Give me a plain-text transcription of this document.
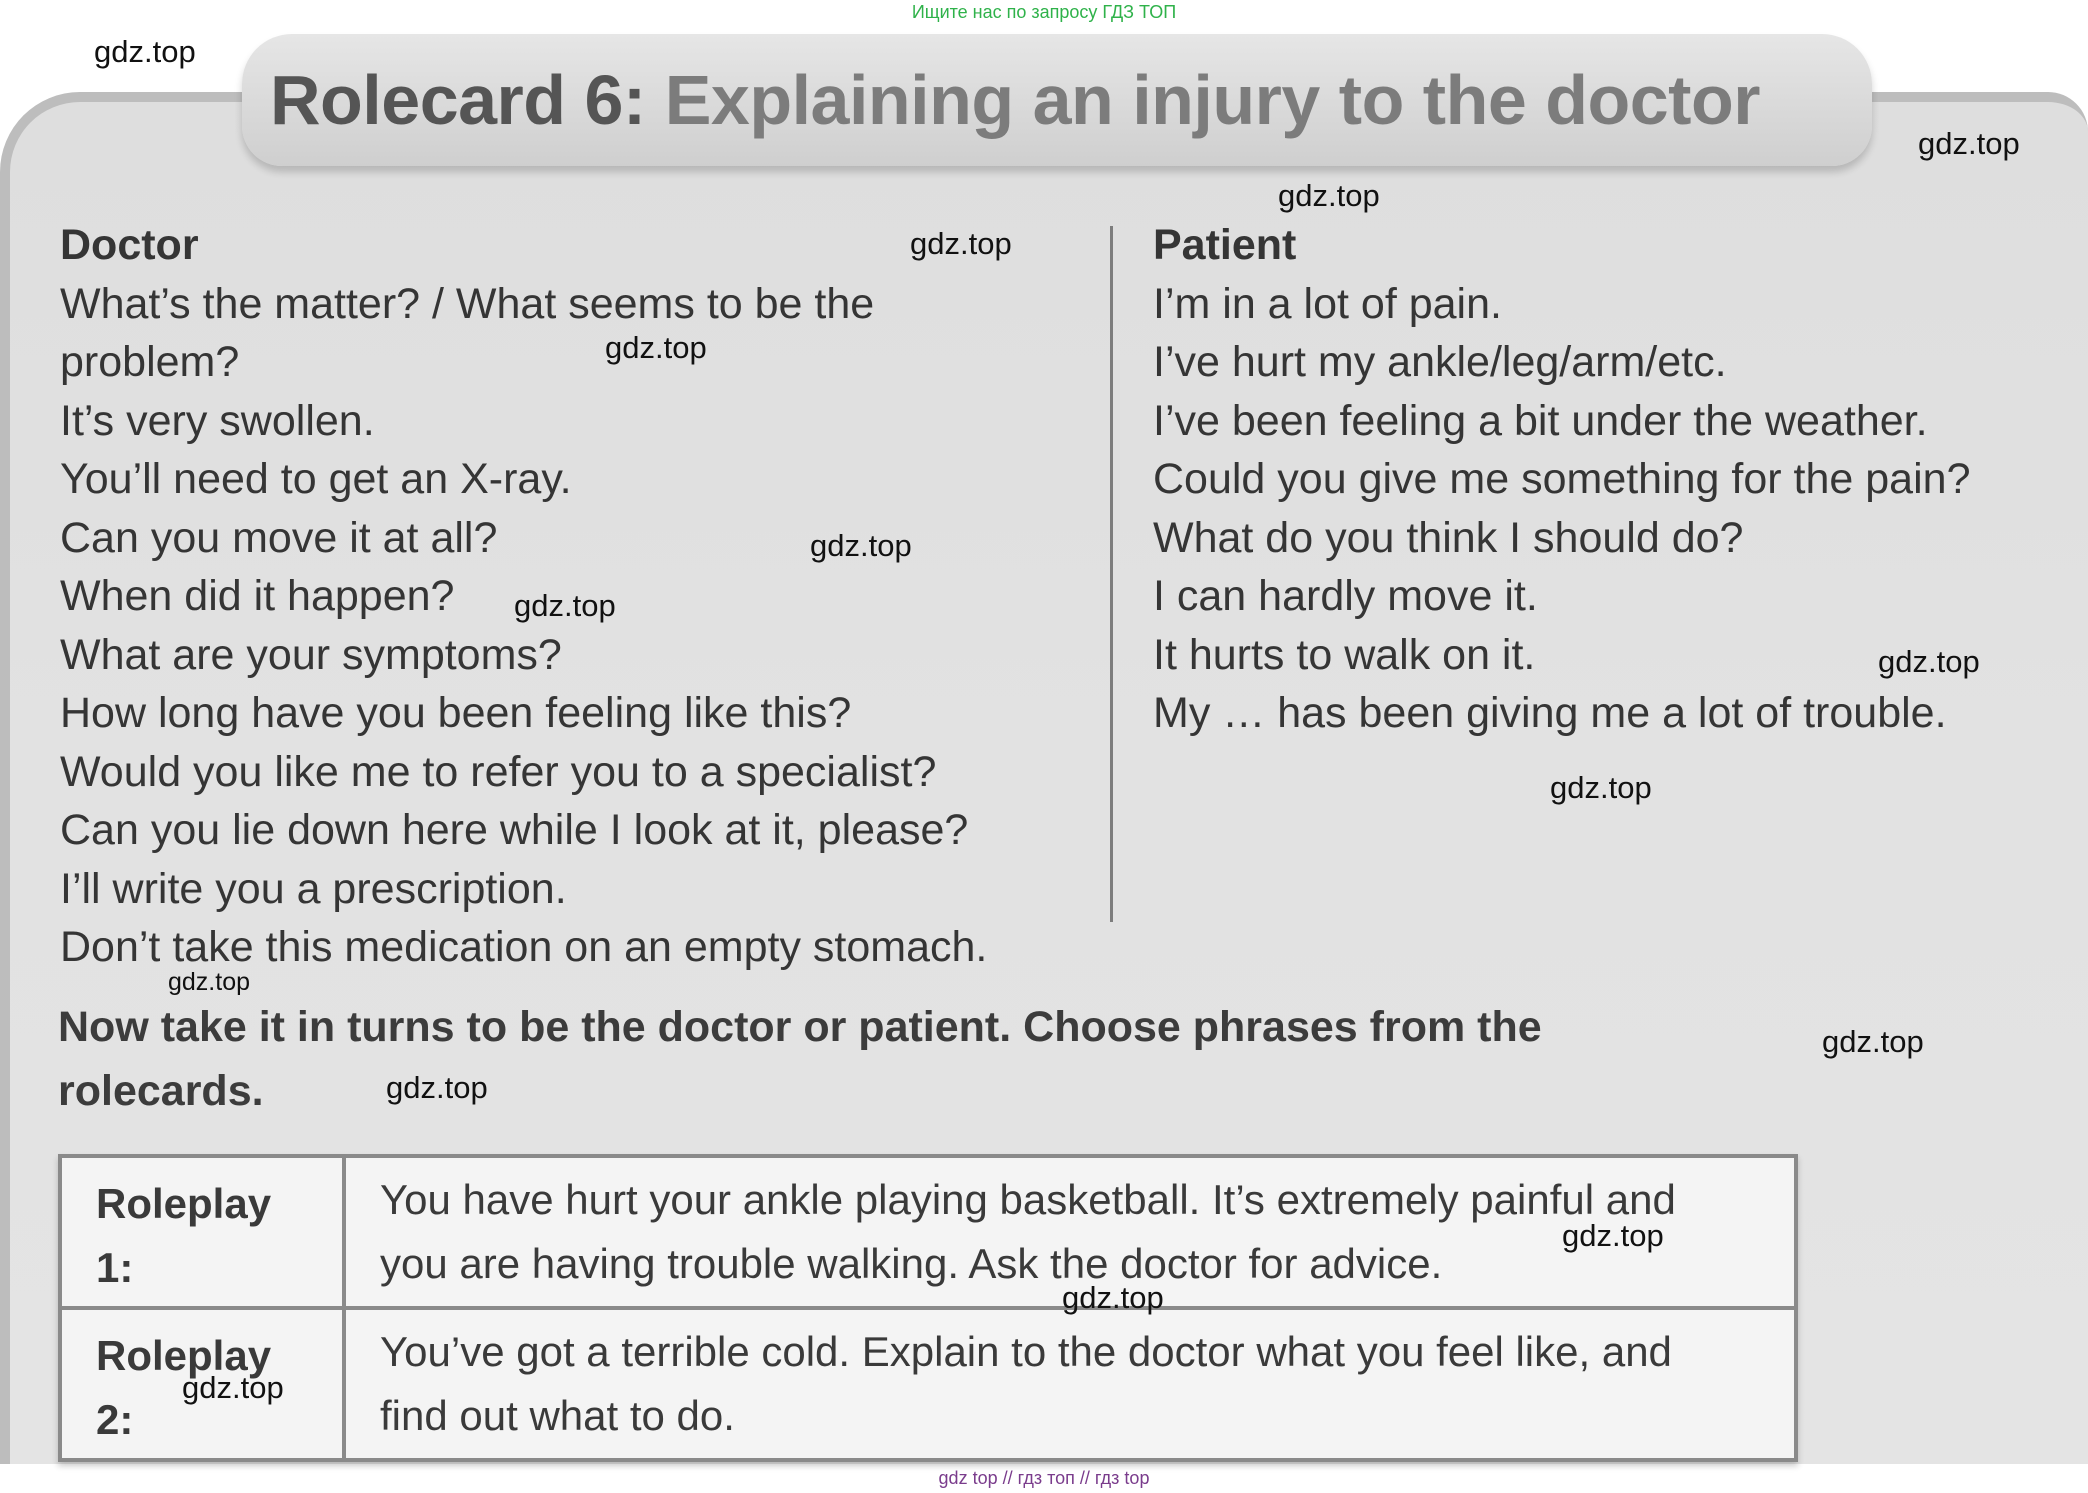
Ищите нас по запросу ГДЗ ТОП
Rolecard 6: Explaining an injury to the doctor
Doctor
What’s the matter? / What seems to be the
problem?
It’s very swollen.
You’ll need to get an X-ray.
Can you move it at all?
When did it happen?
What are your symptoms?
How long have you been feeling like this?
Would you like me to refer you to a specialist?
Can you lie down here while I look at it, please?
I’ll write you a prescription.
Don’t take this medication on an empty stomach.
Patient
I’m in a lot of pain.
I’ve hurt my ankle/leg/arm/etc.
I’ve been feeling a bit under the weather.
Could you give me something for the pain?
What do you think I should do?
I can hardly move it.
It hurts to walk on it.
My … has been giving me a lot of trouble.
Now take it in turns to be the doctor or patient. Choose phrases from the
rolecards.
Roleplay 1:	You have hurt your ankle playing basketball. It’s extremely painful and
you are having trouble walking. Ask the doctor for advice.

Roleplay 2:	You’ve got a terrible cold. Explain to the doctor what you feel like, and
find out what to do.
gdz.top
gdz.top
gdz.top
gdz.top
gdz.top
gdz.top
gdz.top
gdz.top
gdz.top
gdz.top
gdz.top
gdz.top
gdz.top
gdz.top
gdz.top
gdz top // гдз топ // гдз top
